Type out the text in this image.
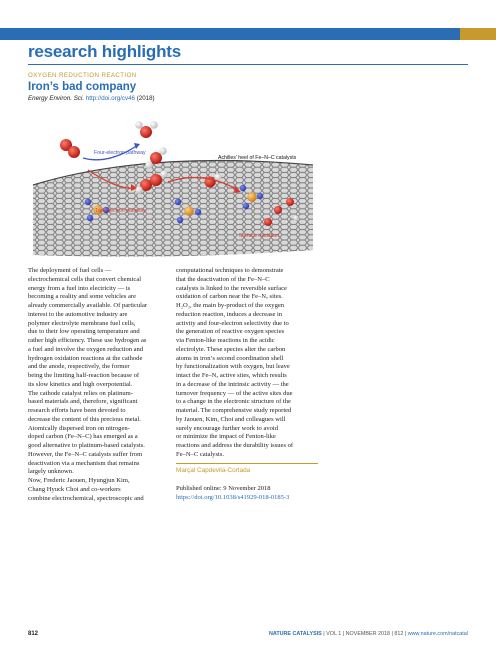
research highlights
OXYGEN REDUCTION REACTION
Iron’s bad company
Energy Environ. Sci. http://doi.org/cv46 (2018)
Four-electron pathway
Achilles’ heel of Fe–N–C catalysts
Two-electron pathway
Surface oxidation
The deployment of fuel cells —
electrochemical cells that convert chemical
energy from a fuel into electricity — is
becoming a reality and some vehicles are
already commercially available. Of particular
interest to the automotive industry are
polymer electrolyte membrane fuel cells,
due to their low operating temperature and
rather high efficiency. These use hydrogen as
a fuel and involve the oxygen reduction and
hydrogen oxidation reactions at the cathode
and the anode, respectively, the former
being the limiting half-reaction because of
its slow kinetics and high overpotential.
The cathode catalyst relies on platinum-
based materials and, therefore, significant
research efforts have been devoted to
decrease the content of this precious metal.
Atomically dispersed iron on nitrogen-
doped carbon (Fe–N–C) has emerged as a
good alternative to platinum-based catalysts.
However, the Fe–N–C catalysts suffer from
deactivation via a mechanism that remains
largely unknown.
Now, Frederic Jaouen, Hyungjun Kim,
Chang Hyuck Choi and co-workers
combine electrochemical, spectroscopic and
computational techniques to demonstrate
that the deactivation of the Fe–N–C
catalysts is linked to the reversible surface
oxidation of carbon near the Fe–Nₓ sites.
H₂O₂, the main by-product of the oxygen
reduction reaction, induces a decrease in
activity and four-electron selectivity due to
the generation of reactive oxygen species
via Fenton-like reactions in the acidic
electrolyte. These species alter the carbon
atoms in iron’s second coordination shell
by functionalization with oxygen, but leave
intact the Fe–Nₓ active sites, which results
in a decrease of the intrinsic activity — the
turnover frequency — of the active sites due
to a change in the electronic structure of the
material. The comprehensive study reported
by Jaouen, Kim, Choi and colleagues will
surely encourage further work to avoid
or minimize the impact of Fenton-like
reactions and address the durability issues of
Fe–N–C catalysts.
Marçal Capdevila-Cortada
Published online: 9 November 2018
https://doi.org/10.1038/s41929-018-0185-3
812	NATURE CATALYSIS | VOL 1 | NOVEMBER 2018 | 812 | www.nature.com/natcatal
